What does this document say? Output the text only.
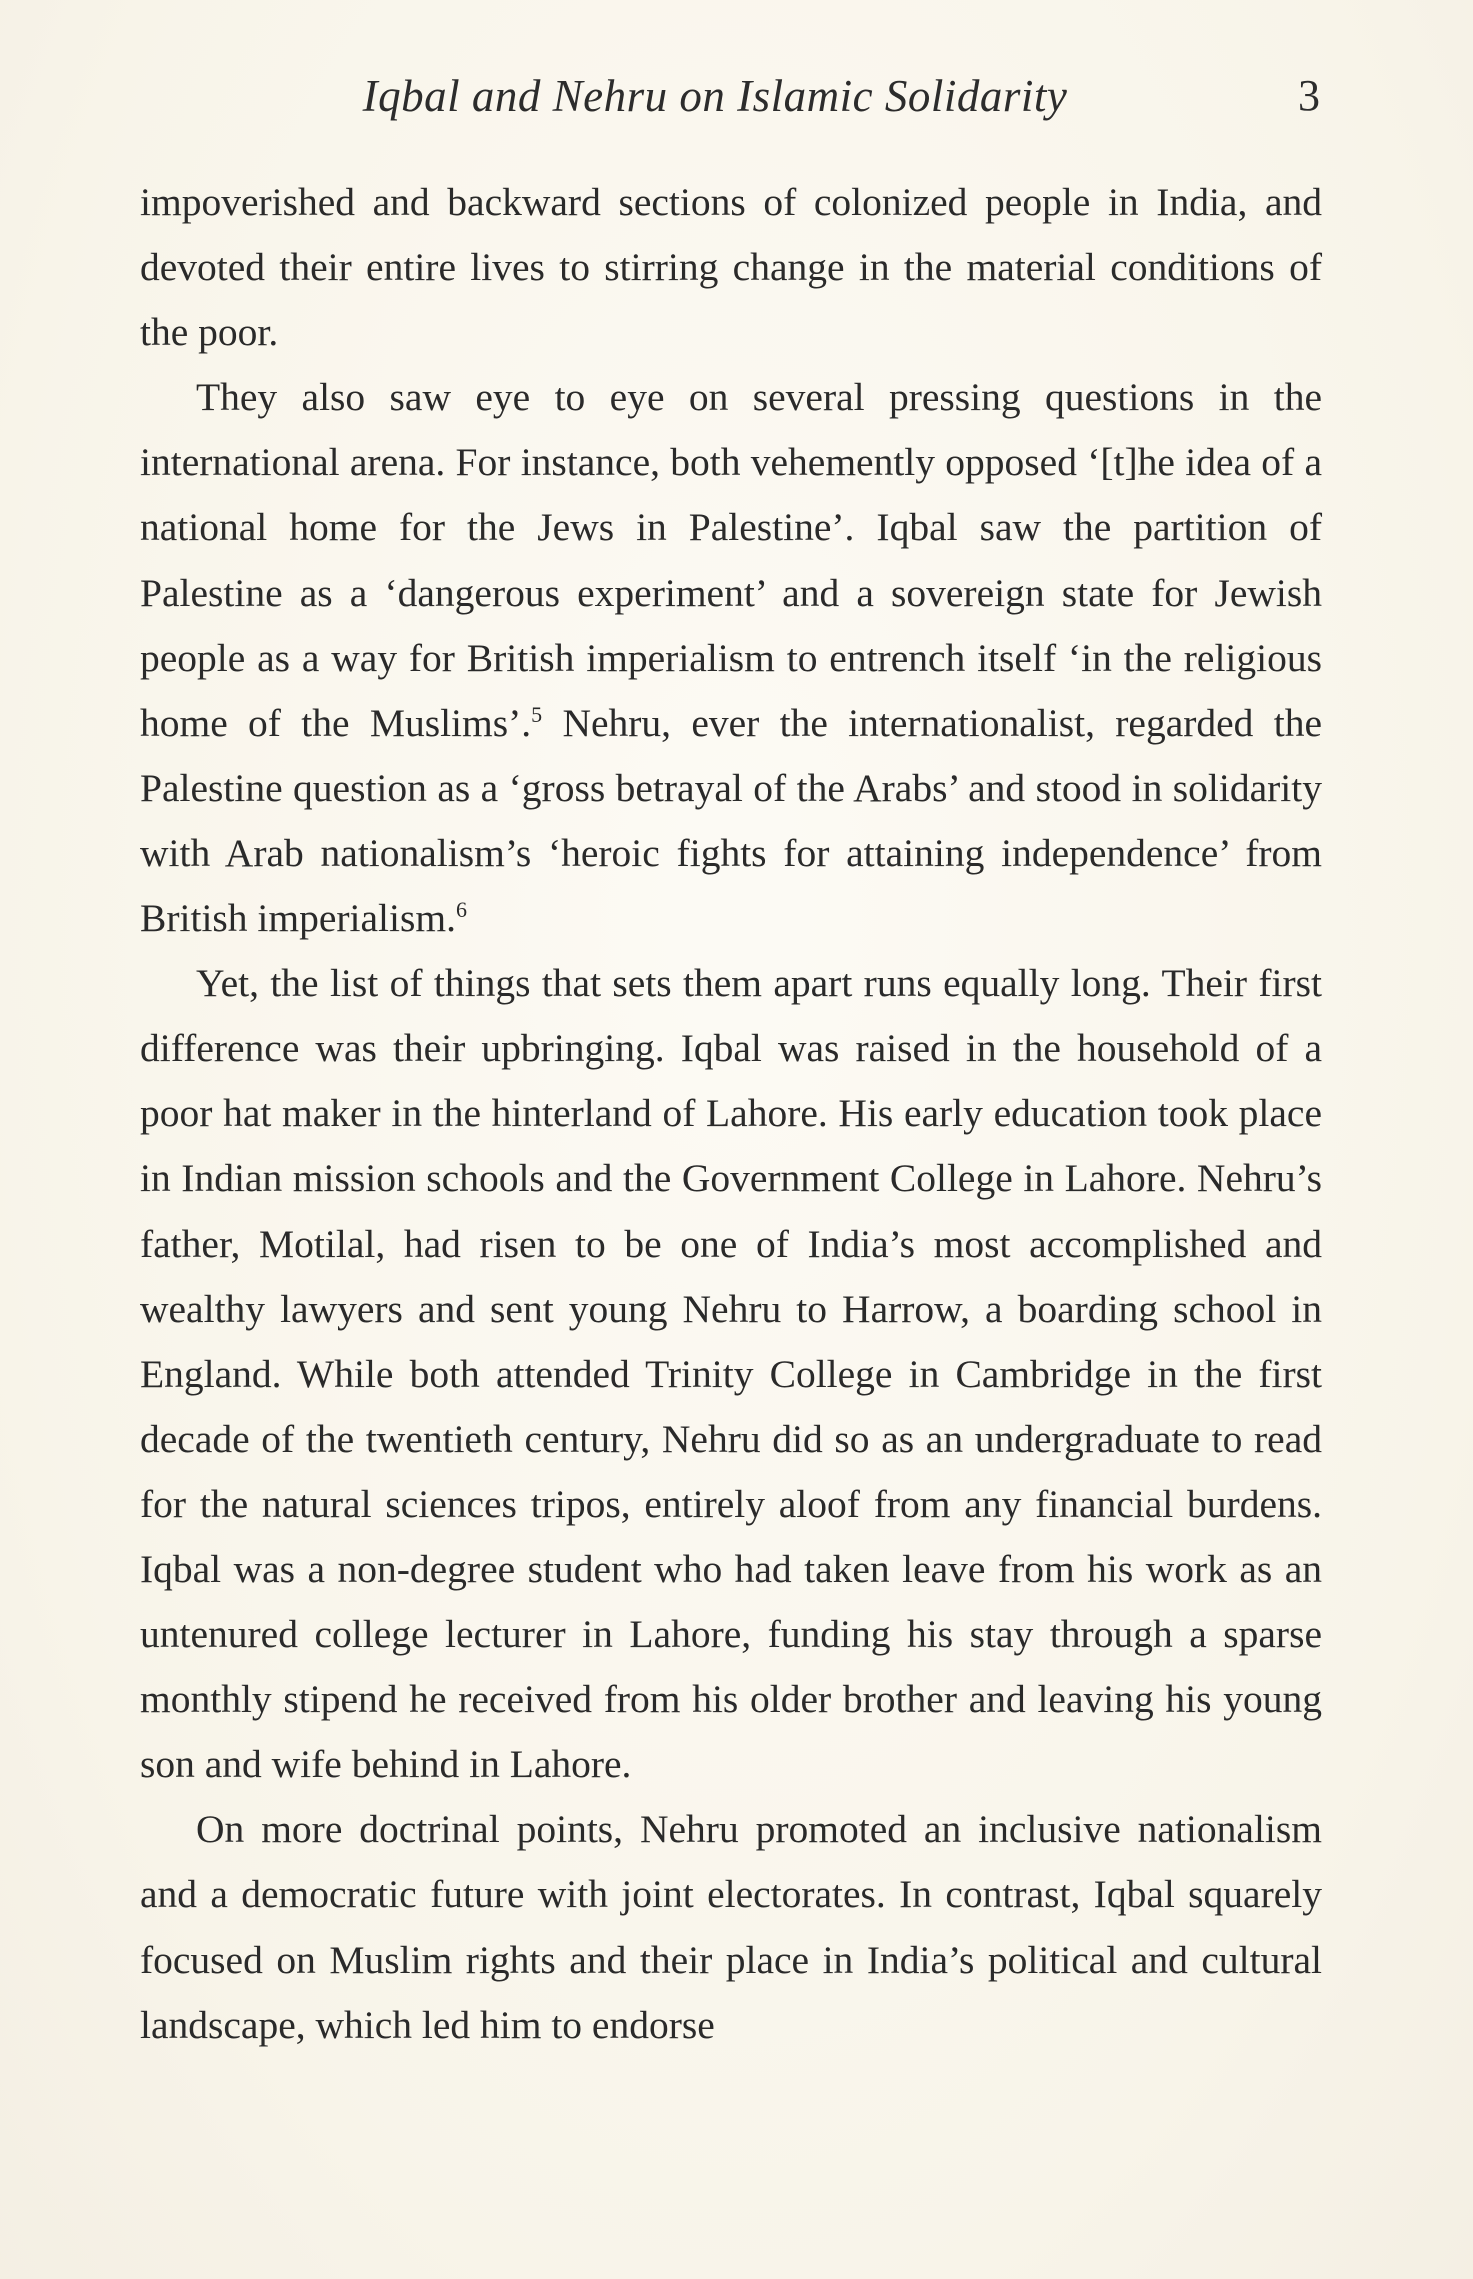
Iqbal and Nehru on Islamic Solidarity	3

impoverished and backward sections of colonized people in India, and devoted their entire lives to stirring change in the material conditions of the poor.

They also saw eye to eye on several pressing questions in the international arena. For instance, both vehemently opposed ‘[t]he idea of a national home for the Jews in Palestine’. Iqbal saw the partition of Palestine as a ‘dangerous experiment’ and a sovereign state for Jewish people as a way for British imperialism to entrench itself ‘in the religious home of the Muslims’.$^5$ Nehru, ever the internationalist, regarded the Palestine question as a ‘gross betrayal of the Arabs’ and stood in solidarity with Arab nationalism’s ‘heroic fights for attaining independence’ from British imperialism.$^6$

Yet, the list of things that sets them apart runs equally long. Their first difference was their upbringing. Iqbal was raised in the household of a poor hat maker in the hinterland of Lahore. His early education took place in Indian mission schools and the Government College in Lahore. Nehru’s father, Motilal, had risen to be one of India’s most accomplished and wealthy lawyers and sent young Nehru to Harrow, a boarding school in England. While both attended Trinity College in Cambridge in the first decade of the twentieth century, Nehru did so as an undergraduate to read for the natural sciences tripos, entirely aloof from any financial burdens. Iqbal was a non-degree student who had taken leave from his work as an untenured college lecturer in Lahore, funding his stay through a sparse monthly stipend he received from his older brother and leaving his young son and wife behind in Lahore.

On more doctrinal points, Nehru promoted an inclusive nationalism and a democratic future with joint electorates. In contrast, Iqbal squarely focused on Muslim rights and their place in India’s political and cultural landscape, which led him to endorse
